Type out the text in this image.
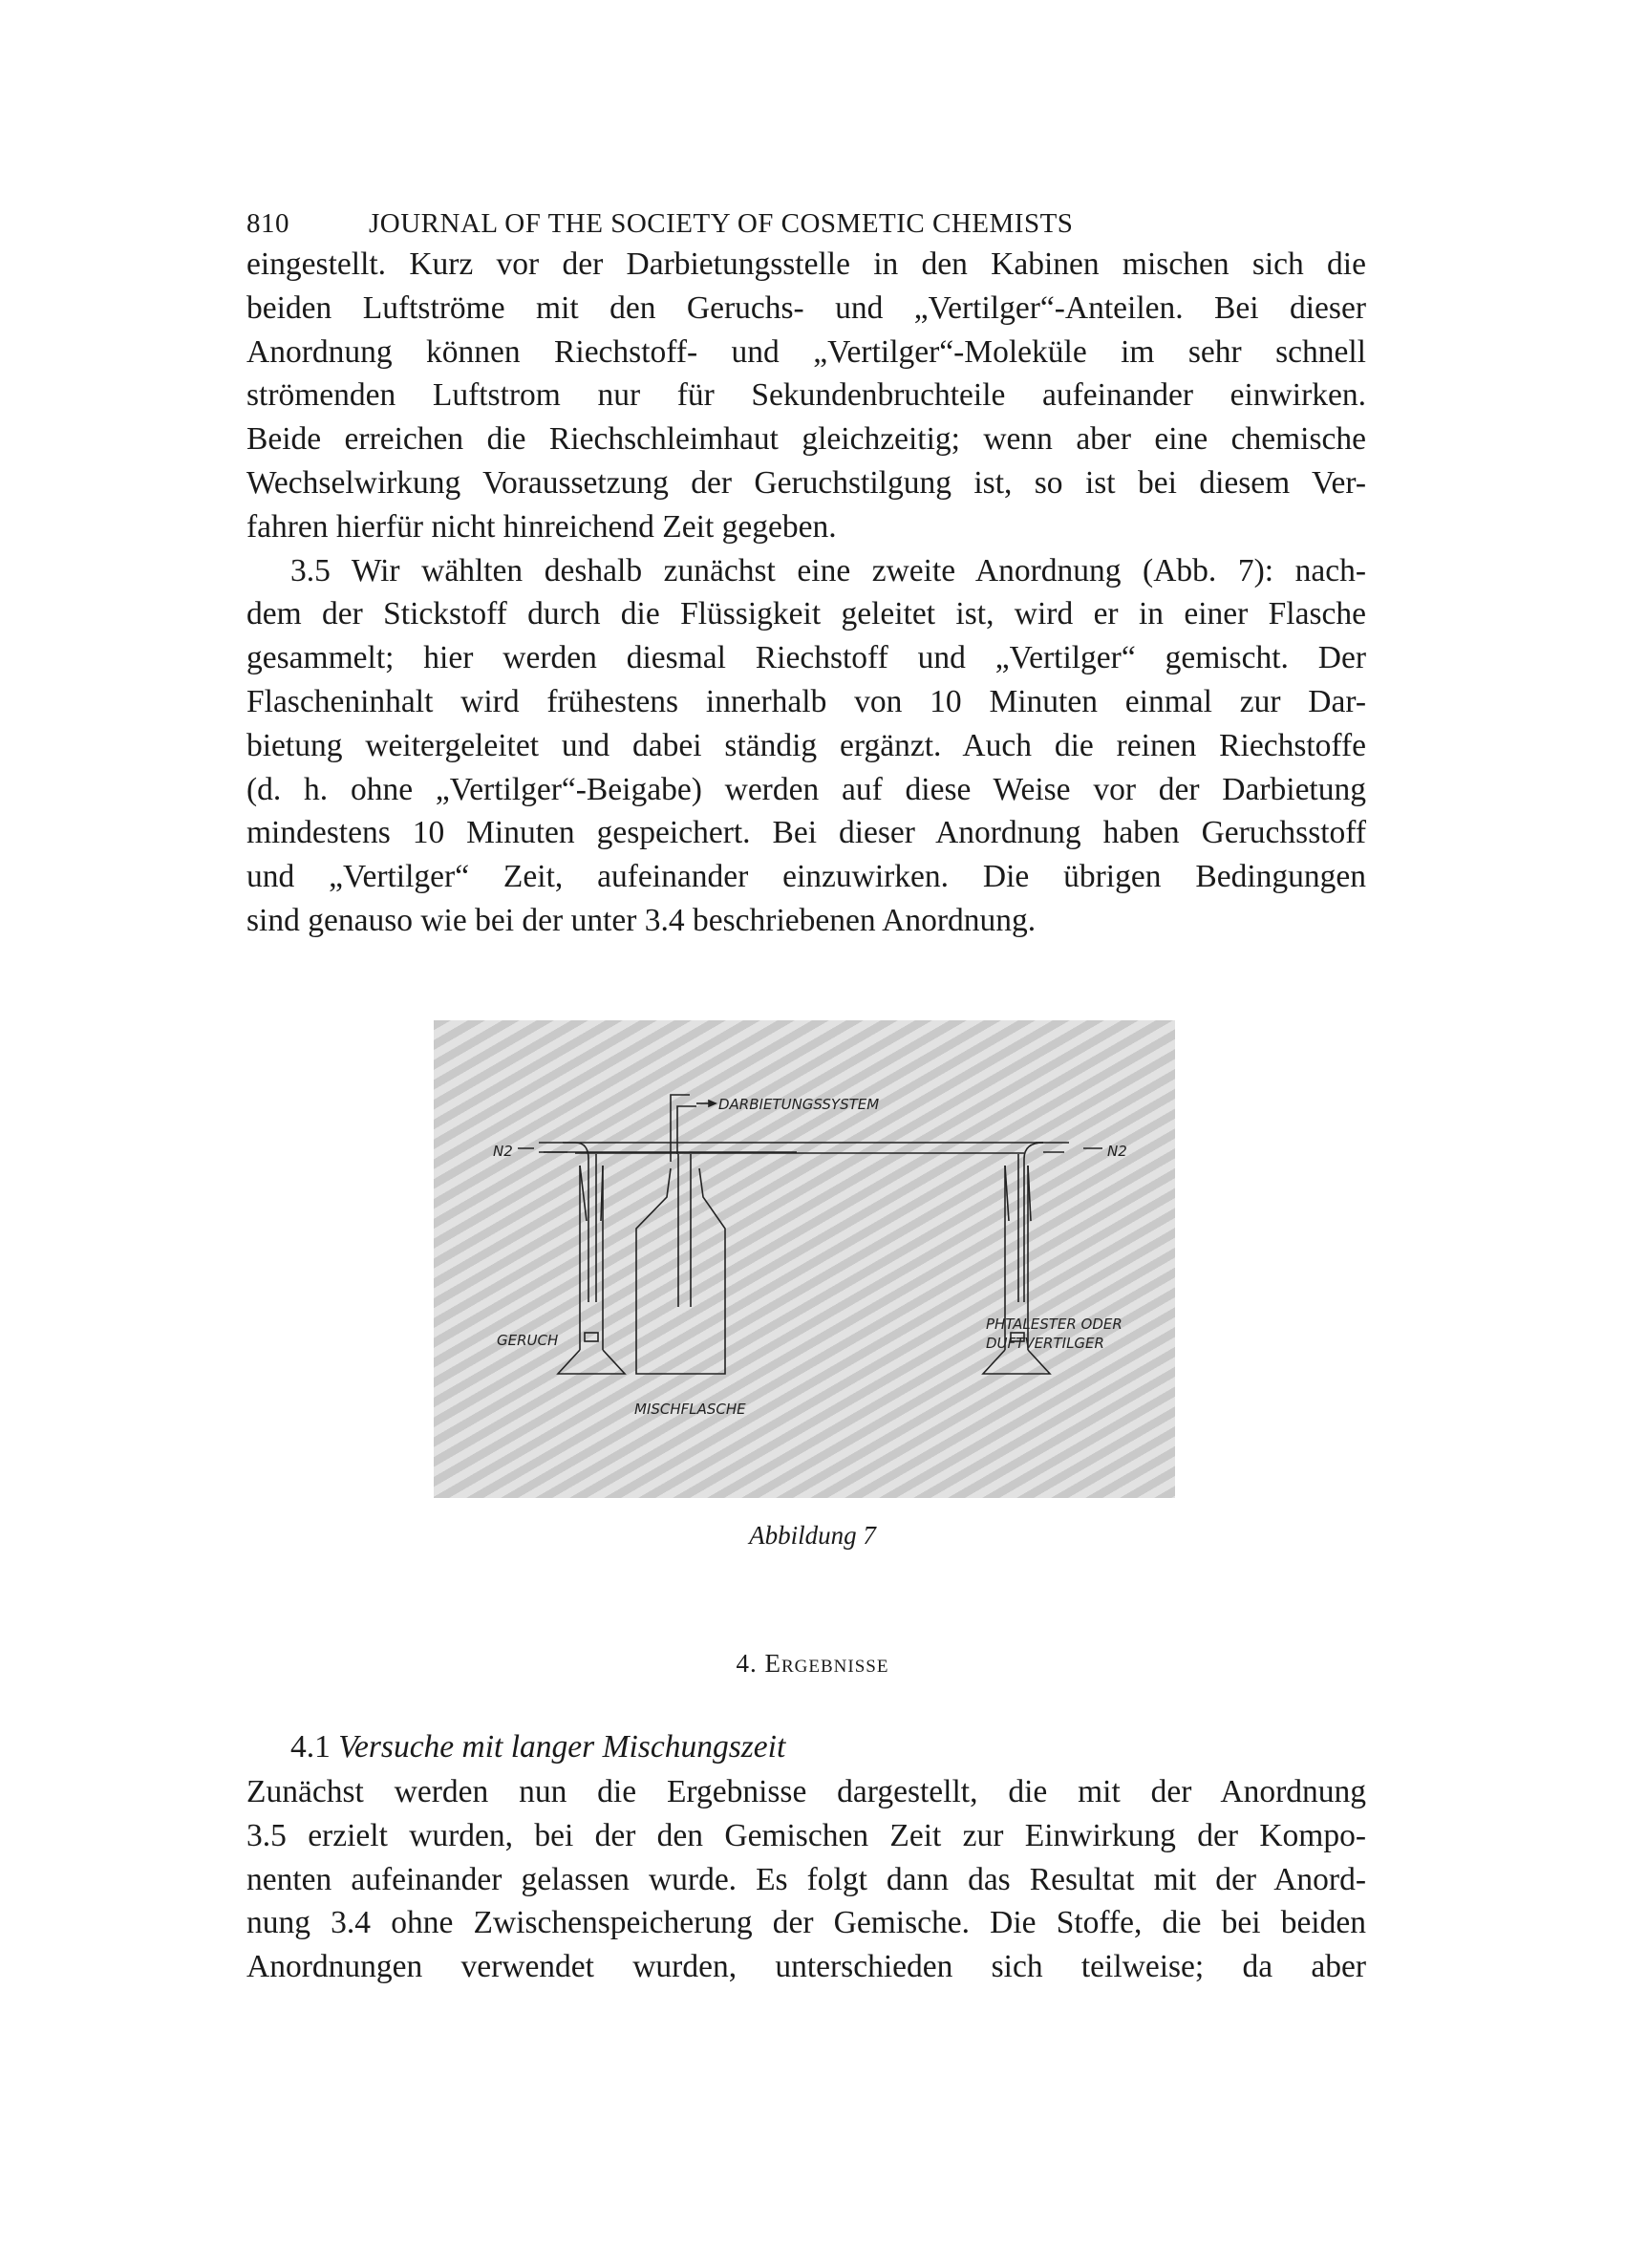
810	JOURNAL OF THE SOCIETY OF COSMETIC CHEMISTS
eingestellt. Kurz vor der Darbietungsstelle in den Kabinen mischen sich die
beiden Luftströme mit den Geruchs- und „Vertilger“-Anteilen. Bei dieser
Anordnung können Riechstoff- und „Vertilger“-Moleküle im sehr schnell
strömenden Luftstrom nur für Sekundenbruchteile aufeinander einwirken.
Beide erreichen die Riechschleimhaut gleichzeitig; wenn aber eine chemische
Wechselwirkung Voraussetzung der Geruchstilgung ist, so ist bei diesem Ver-
fahren hierfür nicht hinreichend Zeit gegeben.
3.5 Wir wählten deshalb zunächst eine zweite Anordnung (Abb. 7): nach-
dem der Stickstoff durch die Flüssigkeit geleitet ist, wird er in einer Flasche
gesammelt; hier werden diesmal Riechstoff und „Vertilger“ gemischt. Der
Flascheninhalt wird frühestens innerhalb von 10 Minuten einmal zur Dar-
bietung weitergeleitet und dabei ständig ergänzt. Auch die reinen Riechstoffe
(d. h. ohne „Vertilger“-Beigabe) werden auf diese Weise vor der Darbietung
mindestens 10 Minuten gespeichert. Bei dieser Anordnung haben Geruchsstoff
und „Vertilger“ Zeit, aufeinander einzuwirken. Die übrigen Bedingungen
sind genauso wie bei der unter 3.4 beschriebenen Anordnung.
DARBIETUNGSSYSTEM
N2	N2
GERUCH
PHTALESTER ODER
DUFTVERTILGER
MISCHFLASCHE
Abbildung 7
4. Ergebnisse
4.1 Versuche mit langer Mischungszeit
Zunächst werden nun die Ergebnisse dargestellt, die mit der Anordnung
3.5 erzielt wurden, bei der den Gemischen Zeit zur Einwirkung der Kompo-
nenten aufeinander gelassen wurde. Es folgt dann das Resultat mit der Anord-
nung 3.4 ohne Zwischenspeicherung der Gemische. Die Stoffe, die bei beiden
Anordnungen verwendet wurden, unterschieden sich teilweise; da aber
